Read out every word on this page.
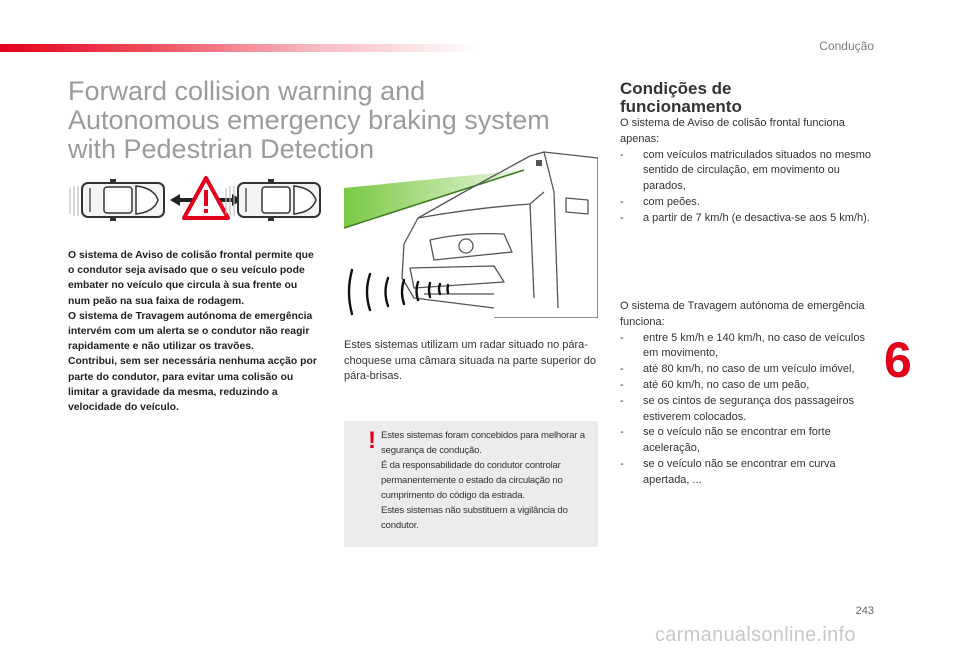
Condução
Forward collision warning and
Autonomous emergency braking system
with Pedestrian Detection

O sistema de Aviso de colisão frontal permite que o condutor seja avisado que o seu veículo pode embater no veículo que circula à sua frente ou num peão na sua faixa de rodagem.

O sistema de Travagem autónoma de emergência intervém com um alerta se o condutor não reagir rapidamente e não utilizar os travões.

Contribui, sem ser necessária nenhuma acção por parte do condutor, para evitar uma colisão ou limitar a gravidade da mesma, reduzindo a velocidade do veículo.

Estes sistemas utilizam um radar situado no pára-choquese uma câmara situada na parte superior do pára-brisas.
! Estes sistemas foram concebidos para melhorar a segurança de condução.

É da responsabilidade do condutor controlar permanentemente o estado da circulação no cumprimento do código da estrada.

Estes sistemas não substituem a vigilância do condutor.

Condições de
funcionamento

O sistema de Aviso de colisão frontal funciona apenas:

- com veículos matriculados situados no mesmo sentido de circulação, em movimento ou parados,
- com peões.
- a partir de 7 km/h (e desactiva-se aos 5 km/h).

O sistema de Travagem autónoma de emergência funciona:

- entre 5 km/h e 140 km/h, no caso de veículos em movimento,
- até 80 km/h, no caso de um veículo imóvel,
- até 60 km/h, no caso de um peão,
- se os cintos de segurança dos passageiros estiverem colocados.
- se o veículo não se encontrar em forte aceleração,
- se o veículo não se encontrar em curva apertada, ...
6
243
carmanualsonline.info
